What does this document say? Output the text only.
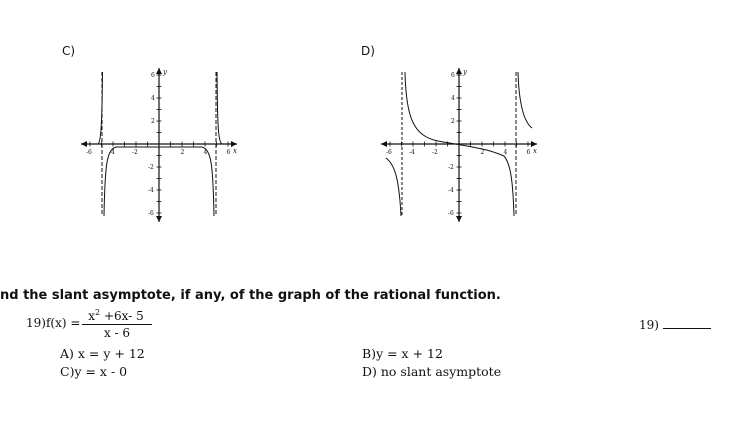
C)	D)
y
x
-6	-4	-2	2	4	6
6
4
2
-2
-4
-6
y
x
-6	-4	-2	2	4	6
6
4
2
-2
-4
-6
nd the slant asymptote, if any, of the graph of the rational function.
$19)f(x) = \frac{x^2 +6x- 5}{x - 6}$	19)
A) x = y + 12
C)y = x - 0
B)y = x + 12
D) no slant asymptote
